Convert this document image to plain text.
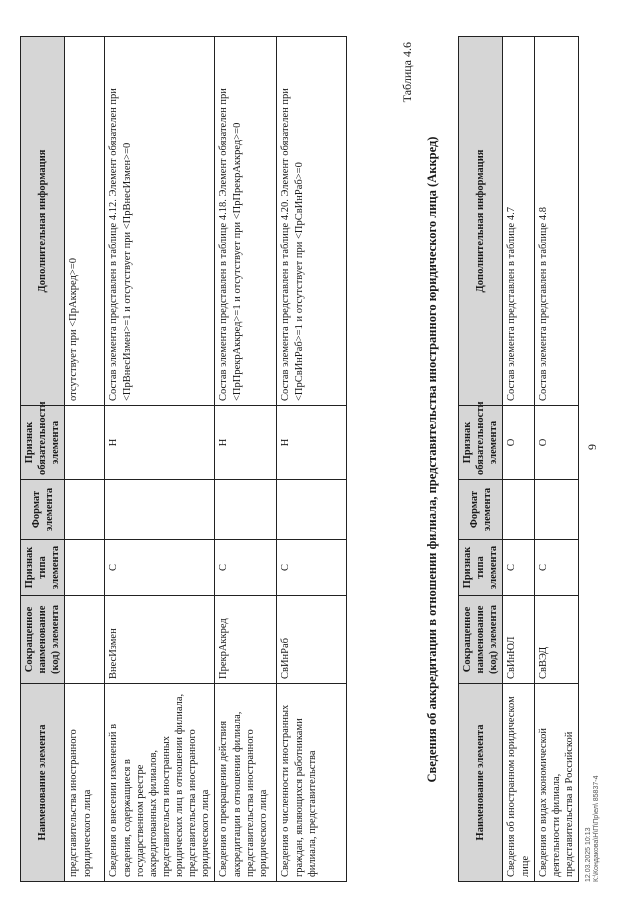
Наименование элемента	Сокращенное наименование (код) элемента	Признак типа элемента	Формат элемента	Признак обязательности элемента	Дополнительная информация
представительства иностранного юридического лица					отсутствует при <ПрАккред>=0
Сведения о внесении изменений в сведения, содержащиеся в государственном реестре аккредитованных филиалов, представительств иностранных юридических лиц в отношении филиала, представительства иностранного юридического лица	ВнесИзмен	С		Н	Состав элемента представлен в таблице 4.12. Элемент обязателен при <ПрВнесИзмен>=1 и отсутствует при <ПрВнесИзмен>=0
Сведения о прекращении действия аккредитации в отношении филиала, представительства иностранного юридического лица	ПрекрАккред	С		Н	Состав элемента представлен в таблице 4.18. Элемент обязателен при <ПрПрекрАккред>=1 и отсутствует при <ПрПрекрАккред>=0
Сведения о численности иностранных граждан, являющихся работниками филиала, представительства	СвИнРаб	С		Н	Состав элемента представлен в таблице 4.20. Элемент обязателен при <ПрСвИнРаб>=1 и отсутствует при <ПрСвИнРаб>=0
Таблица 4.6
Сведения об аккредитации в отношении филиала, представительства иностранного юридического лица (Аккред)
Наименование элемента	Сокращенное наименование (код) элемента	Признак типа элемента	Формат элемента	Признак обязательности элемента	Дополнительная информация
Сведения об иностранном юридическом лице	СвИнЮЛ	С		О	Состав элемента представлен в таблице 4.7
Сведения о видах экономической деятельности филиала, представительства в Российской	СвВЭД	С		О	Состав элемента представлен в таблице 4.8
9
12.03.2025 10:13 К:\Кондакова\Н\П\Пр\ел\ 85837-4
